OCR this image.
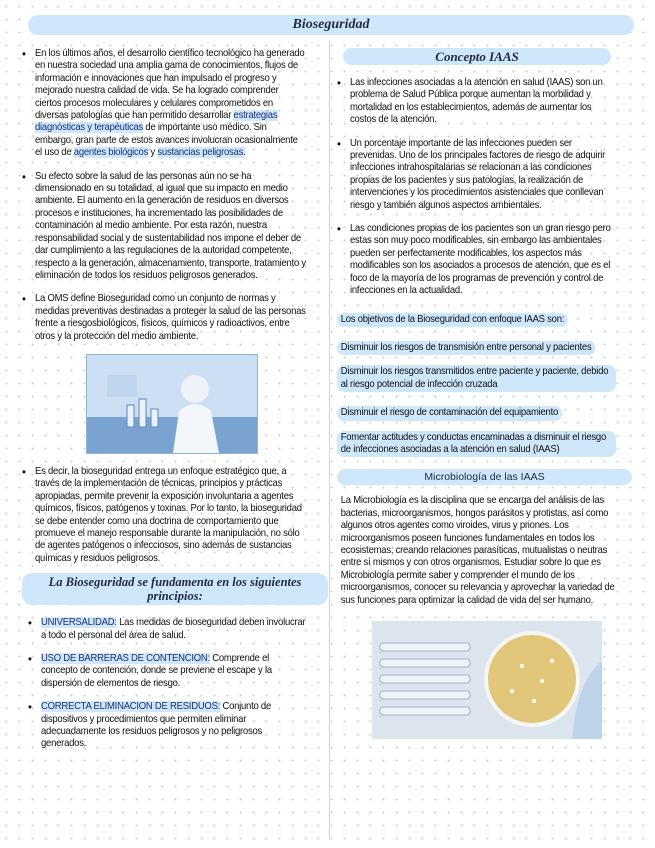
Bioseguridad
• En los últimos años, el desarrollo científico tecnológico ha generado en nuestra sociedad una amplia gama de conocimientos, flujos de información e innovaciones que han impulsado el progreso y mejorado nuestra calidad de vida. Se ha logrado comprender ciertos procesos moleculares y celulares comprometidos en diversas patologías que han permitido desarrollar estrategias diagnósticas y terapéuticas de importante uso médico. Sin embargo, gran parte de estos avances involucran ocasionalmente el uso de agentes biológicos y sustancias peligrosas.
• Su efecto sobre la salud de las personas aún no se ha dimensionado en su totalidad, al igual que su impacto en medio ambiente. El aumento en la generación de residuos en diversos procesos e instituciones, ha incrementado las posibilidades de contaminación al medio ambiente. Por esta razón, nuestra responsabilidad social y de sustentabilidad nos impone el deber de dar cumplimiento a las regulaciones de la autoridad competente, respecto a la generación, almacenamiento, transporte, tratamiento y eliminación de todos los residuos peligrosos generados.
• La OMS define Bioseguridad como un conjunto de normas y medidas preventivas destinadas a proteger la salud de las personas frente a riesgosbiológicos, físicos, químicos y radioactivos, entre otros y la protección del medio ambiente.
• Es decir, la bioseguridad entrega un enfoque estratégico que, a través de la implementación de técnicas, principios y prácticas apropiadas, permite prevenir la exposición involuntaria a agentes químicos, físicos, patógenos y toxinas. Por lo tanto, la bioseguridad se debe entender como una doctrina de comportamiento que promueve el manejo responsable durante la manipulación, no sólo de agentes patógenos o infecciosos, sino además de sustancias químicas y residuos peligrosos.
La Bioseguridad se fundamenta en los siguientes principios:
• UNIVERSALIDAD: Las medidas de bioseguridad deben involucrar a todo el personal del área de salud.
• USO DE BARRERAS DE CONTENCION: Comprende el concepto de contención, donde se previene el escape y la dispersión de elementos de riesgo.
• CORRECTA ELIMINACION DE RESIDUOS: Conjunto de dispositivos y procedimientos que permiten eliminar adecuadamente los residuos peligrosos y no peligrosos generados.
Concepto IAAS
• Las infecciones asociadas a la atención en salud (IAAS) son un problema de Salud Pública porque aumentan la morbilidad y mortalidad en los establecimientos, además de aumentar los costos de la atención.
• Un porcentaje importante de las infecciones pueden ser prevenidas. Uno de los principales factores de riesgo de adquirir infecciones intrahospitalarias se relacionan a las condiciones propias de los pacientes y sus patologías, la realización de intervenciones y los procedimientos asistenciales que conllevan riesgo y también algunos aspectos ambientales.
• Las condiciones propias de los pacientes son un gran riesgo pero estas son muy poco modificables, sin embargo las ambientales pueden ser perfectamente modificables, los aspectos más modificables son los asociados a procesos de atención, que es el foco de la mayoría de los programas de prevención y control de infecciones en la actualidad.
Los objetivos de la Bioseguridad con enfoque IAAS son: Disminuir los riesgos de transmisión entre personal y pacientes Disminuir los riesgos transmitidos entre paciente y paciente, debido al riesgo potencial de infección cruzada Disminuir el riesgo de contaminación del equipamiento Fomentar actitudes y conductas encaminadas a disminuir el riesgo de infecciones asociadas a la atención en salud (IAAS)
Microbiología de las IAAS
La Microbiología es la disciplina que se encarga del análisis de las bacterias, microorganismos, hongos parásitos y protistas, así como algunos otros agentes como viroides, virus y priones. Los microorganismos poseen funciones fundamentales en todos los ecosistemas; creando relaciones parasíticas, mutualistas o neutras entre sí mismos y con otros organismos. Estudiar sobre lo que es Microbiología permite saber y comprender el mundo de los microorganismos, conocer su relevancia y aprovechar la variedad de sus funciones para optimizar la calidad de vida del ser humano.
